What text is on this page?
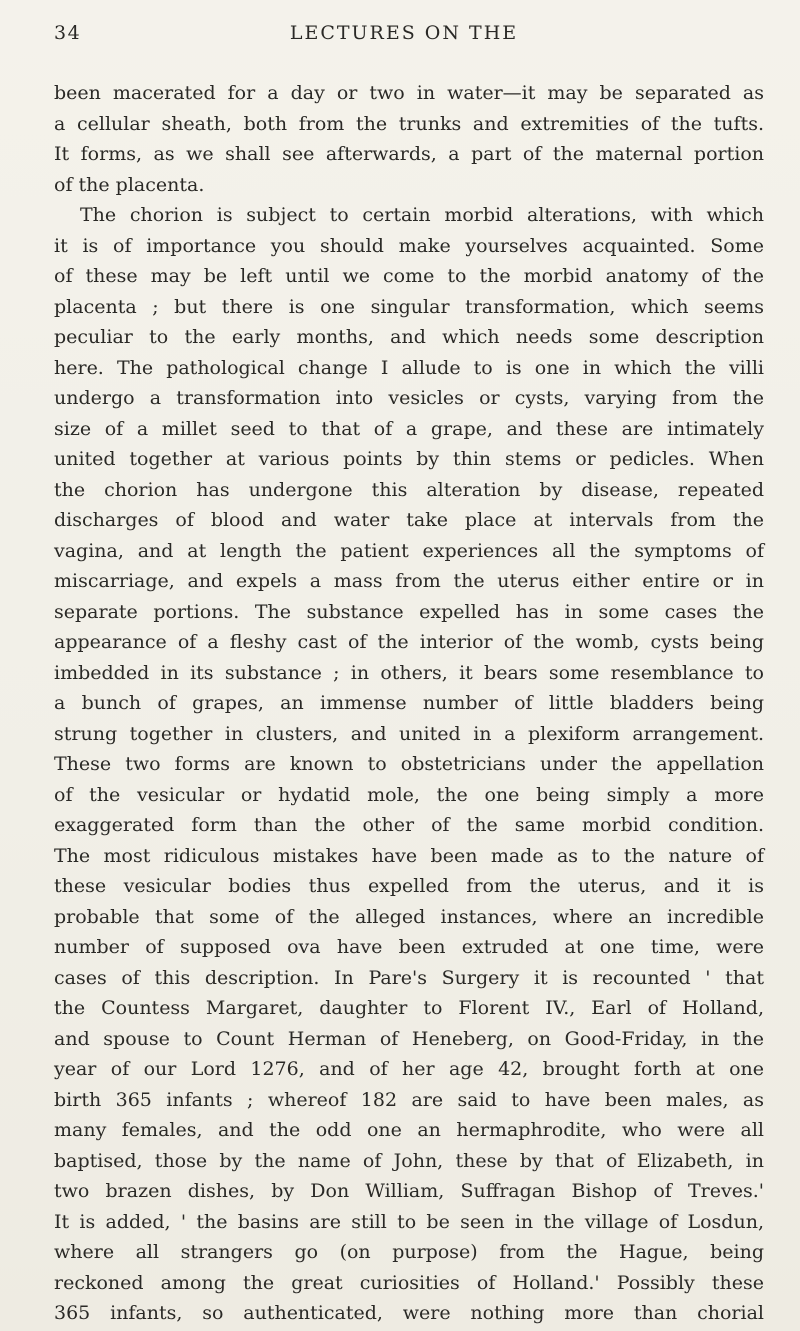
34	LECTURES ON THE
been macerated for a day or two in water—it may be separated as
a cellular sheath, both from the trunks and extremities of the tufts.
It forms, as we shall see afterwards, a part of the maternal portion
of the placenta.
The chorion is subject to certain morbid alterations, with which
it is of importance you should make yourselves acquainted. Some
of these may be left until we come to the morbid anatomy of the
placenta ; but there is one singular transformation, which seems
peculiar to the early months, and which needs some description
here. The pathological change I allude to is one in which the villi
undergo a transformation into vesicles or cysts, varying from the
size of a millet seed to that of a grape, and these are intimately
united together at various points by thin stems or pedicles. When
the chorion has undergone this alteration by disease, repeated
discharges of blood and water take place at intervals from the
vagina, and at length the patient experiences all the symptoms of
miscarriage, and expels a mass from the uterus either entire or in
separate portions. The substance expelled has in some cases the
appearance of a fleshy cast of the interior of the womb, cysts being
imbedded in its substance ; in others, it bears some resemblance to
a bunch of grapes, an immense number of little bladders being
strung together in clusters, and united in a plexiform arrangement.
These two forms are known to obstetricians under the appellation
of the vesicular or hydatid mole, the one being simply a more
exaggerated form than the other of the same morbid condition.
The most ridiculous mistakes have been made as to the nature of
these vesicular bodies thus expelled from the uterus, and it is
probable that some of the alleged instances, where an incredible
number of supposed ova have been extruded at one time, were
cases of this description. In Pare's Surgery it is recounted ' that
the Countess Margaret, daughter to Florent IV., Earl of Holland,
and spouse to Count Herman of Heneberg, on Good-Friday, in the
year of our Lord 1276, and of her age 42, brought forth at one
birth 365 infants ; whereof 182 are said to have been males, as
many females, and the odd one an hermaphrodite, who were all
baptised, those by the name of John, these by that of Elizabeth, in
two brazen dishes, by Don William, Suffragan Bishop of Treves.'
It is added, ' the basins are still to be seen in the village of Losdun,
where all strangers go (on purpose) from the Hague, being
reckoned among the great curiosities of Holland.' Possibly these
365 infants, so authenticated, were nothing more than chorial
